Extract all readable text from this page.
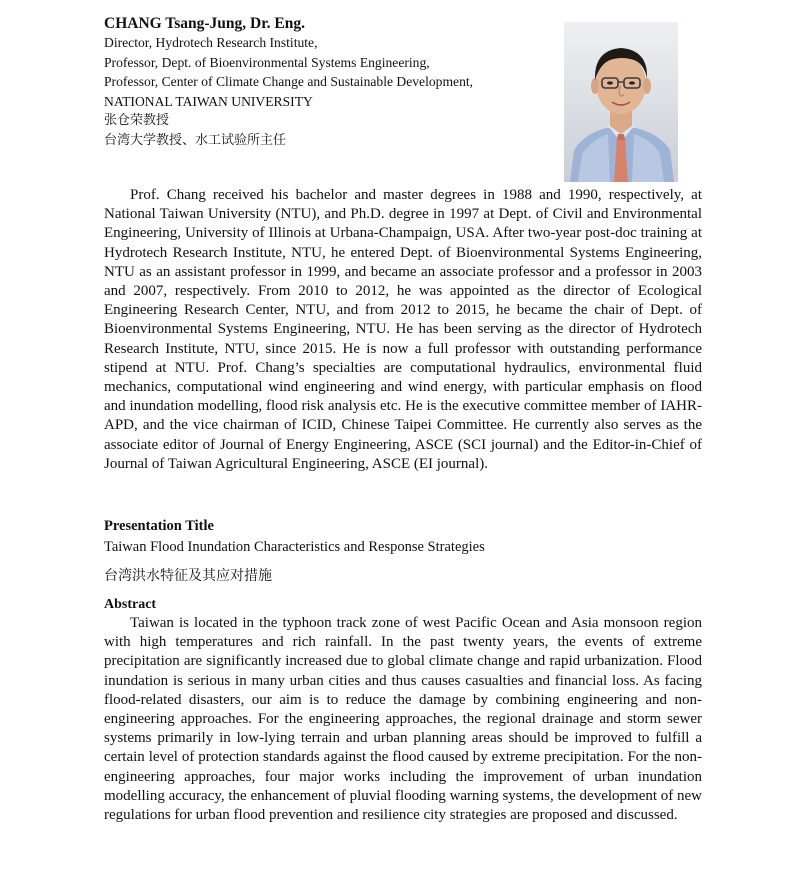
CHANG Tsang-Jung, Dr. Eng.

Director, Hydrotech Research Institute,
Professor, Dept. of Bioenvironmental Systems Engineering,
Professor, Center of Climate Change and Sustainable Development,
NATIONAL TAIWAN UNIVERSITY
张仓荣教授
台湾大学教授、水工试验所主任

Prof. Chang received his bachelor and master degrees in 1988 and 1990, respectively, at National Taiwan University (NTU), and Ph.D. degree in 1997 at Dept. of Civil and Environmental Engineering, University of Illinois at Urbana-Champaign, USA. After two-year post-doc training at Hydrotech Research Institute, NTU, he entered Dept. of Bioenvironmental Systems Engineering, NTU as an assistant professor in 1999, and became an associate professor and a professor in 2003 and 2007, respectively. From 2010 to 2012, he was appointed as the director of Ecological Engineering Research Center, NTU, and from 2012 to 2015, he became the chair of Dept. of Bioenvironmental Systems Engineering, NTU. He has been serving as the director of Hydrotech Research Institute, NTU, since 2015. He is now a full professor with outstanding performance stipend at NTU. Prof. Chang’s specialties are computational hydraulics, environmental fluid mechanics, computational wind engineering and wind energy, with particular emphasis on flood and inundation modelling, flood risk analysis etc. He is the executive committee member of IAHR-APD, and the vice chairman of ICID, Chinese Taipei Committee. He currently also serves as the associate editor of Journal of Energy Engineering, ASCE (SCI journal) and the Editor-in-Chief of Journal of Taiwan Agricultural Engineering, ASCE (EI journal).

Presentation Title

Taiwan Flood Inundation Characteristics and Response Strategies

台湾洪水特征及其应对措施

Abstract

Taiwan is located in the typhoon track zone of west Pacific Ocean and Asia monsoon region with high temperatures and rich rainfall. In the past twenty years, the events of extreme precipitation are significantly increased due to global climate change and rapid urbanization. Flood inundation is serious in many urban cities and thus causes casualties and financial loss. As facing flood-related disasters, our aim is to reduce the damage by combining engineering and non-engineering approaches. For the engineering approaches, the regional drainage and storm sewer systems primarily in low-lying terrain and urban planning areas should be improved to fulfill a certain level of protection standards against the flood caused by extreme precipitation. For the non-engineering approaches, four major works including the improvement of urban inundation modelling accuracy, the enhancement of pluvial flooding warning systems, the development of new regulations for urban flood prevention and resilience city strategies are proposed and discussed.
